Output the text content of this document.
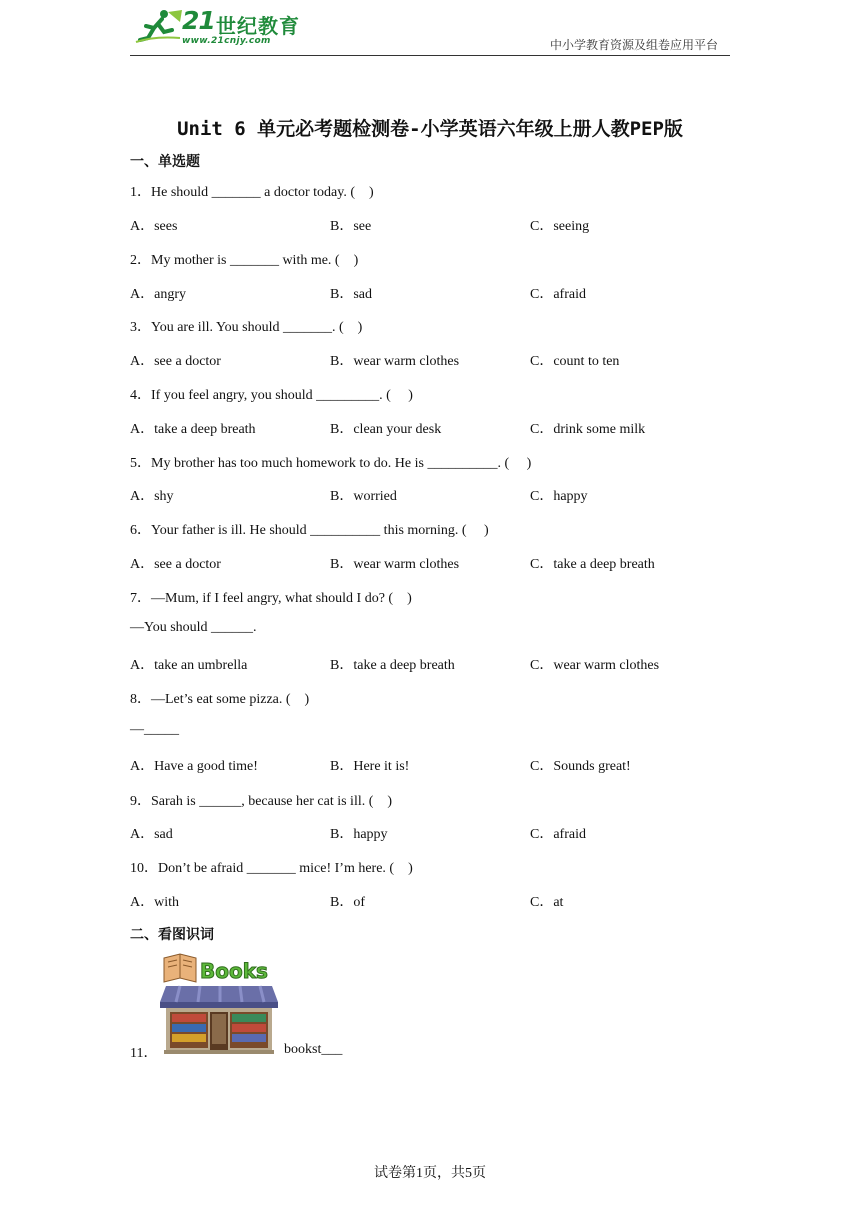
21 世纪教育
www.21cnjy.com	中小学教育资源及组卷应用平台
Unit 6 单元必考题检测卷-小学英语六年级上册人教PEP版
一、单选题
1．He should _______ a doctor today. (    )
A．sees	B．see	C．seeing
2．My mother is _______ with me. (    )
A．angry	B．sad	C．afraid
3．You are ill. You should _______. (    )
A．see a doctor	B．wear warm clothes	C．count to ten
4．If you feel angry, you should _________. (     )
A．take a deep breath	B．clean your desk	C．drink some milk
5．My brother has too much homework to do. He is __________. (     )
A．shy	B．worried	C．happy
6．Your father is ill. He should __________ this morning. (     )
A．see a doctor	B．wear warm clothes	C．take a deep breath
7．—Mum, if I feel angry, what should I do? (    )
—You should ______.
A．take an umbrella	B．take a deep breath	C．wear warm clothes
8．—Let’s eat some pizza. (    )
—_____
A．Have a good time!	B．Here it is!	C．Sounds great!
9．Sarah is ______, because her cat is ill. (    )
A．sad	B．happy	C．afraid
10．Don’t be afraid _______ mice! I’m here. (    )
A．with	B．of	C．at
二、看图识词
11．
Books
bookst___
试卷第1页，共5页
